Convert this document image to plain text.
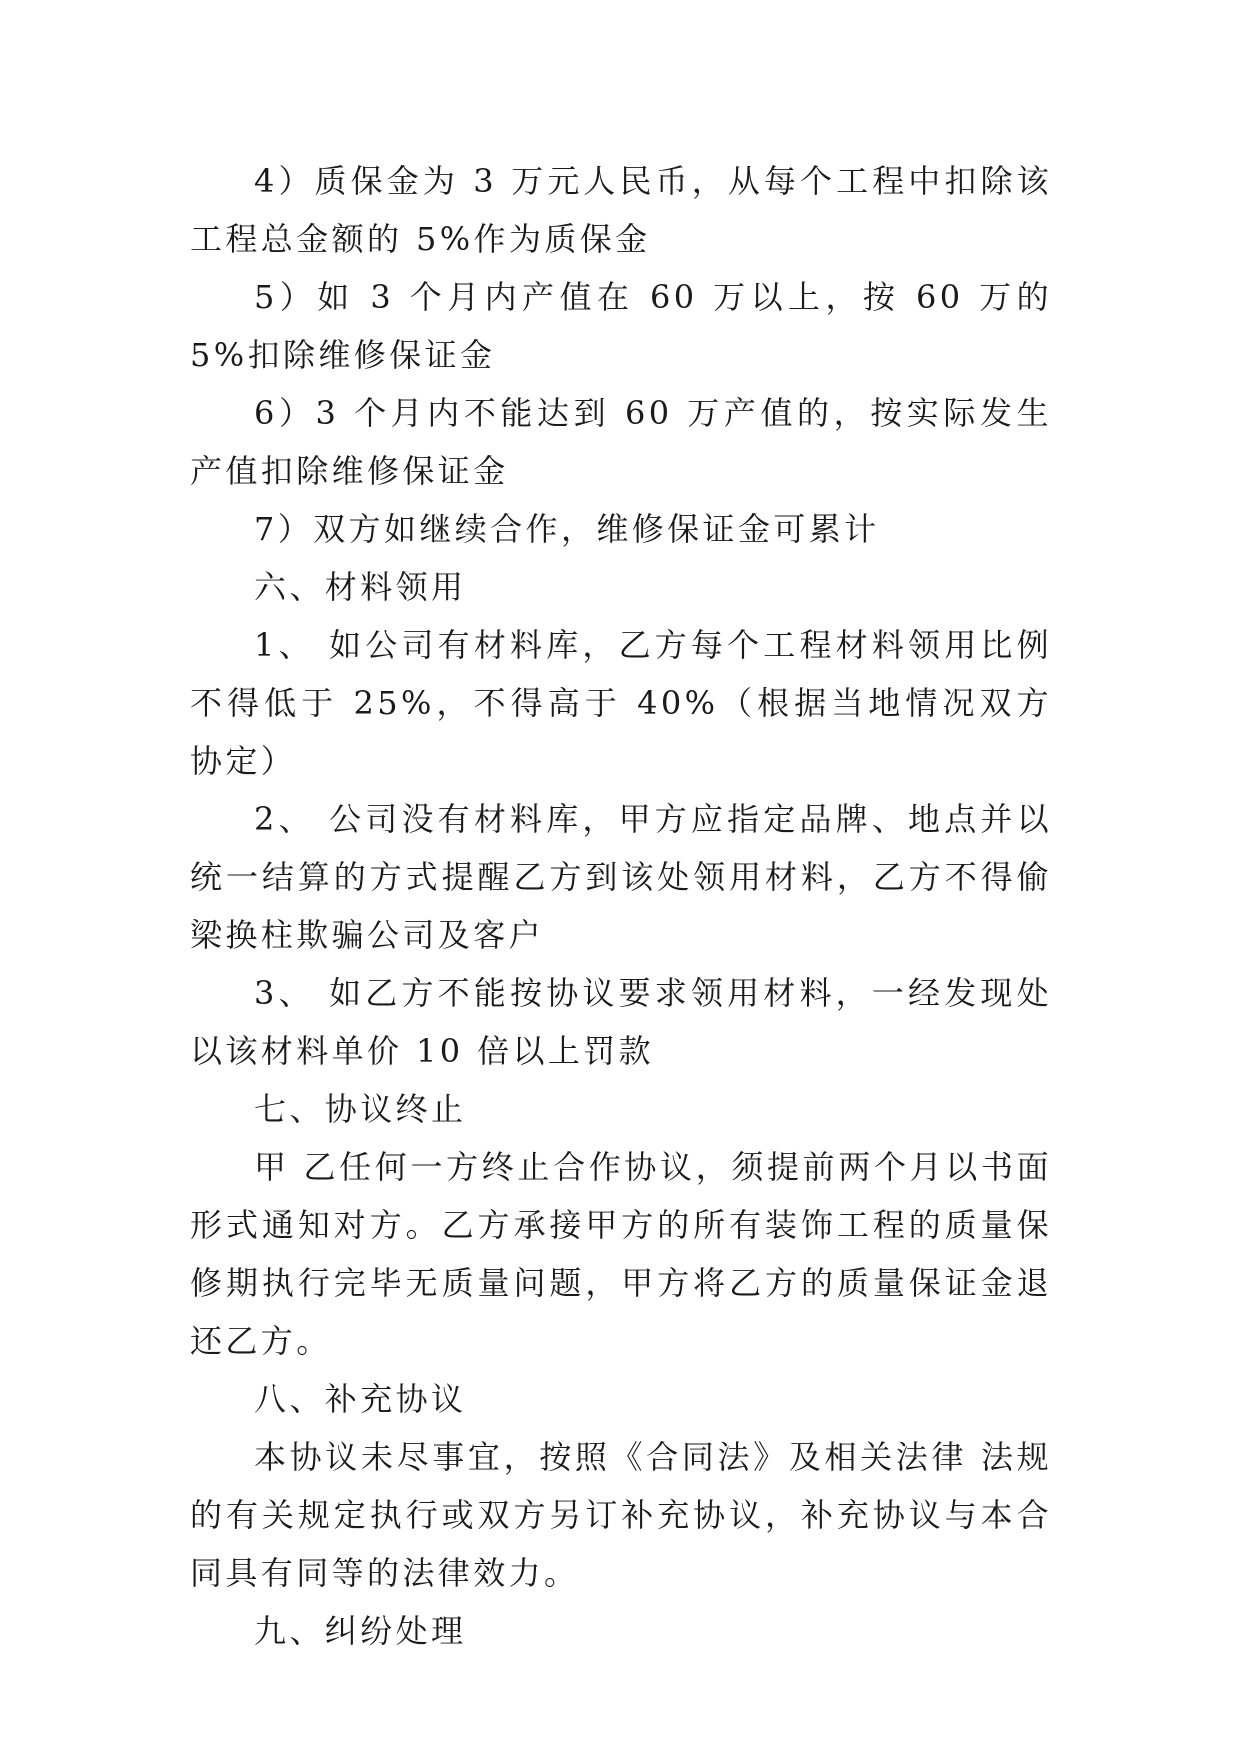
4）质保金为 3 万元人民币，从每个工程中扣除该工程总金额的 5%作为质保金

5）如 3 个月内产值在 60 万以上，按 60 万的 5%扣除维修保证金

6）3 个月内不能达到 60 万产值的，按实际发生产值扣除维修保证金

7）双方如继续合作，维修保证金可累计

六、材料领用

1、 如公司有材料库，乙方每个工程材料领用比例不得低于 25%，不得高于 40%（根据当地情况双方协定）

2、 公司没有材料库，甲方应指定品牌、地点并以统一结算的方式提醒乙方到该处领用材料，乙方不得偷梁换柱欺骗公司及客户

3、 如乙方不能按协议要求领用材料，一经发现处以该材料单价 10 倍以上罚款

七、协议终止

甲 乙任何一方终止合作协议，须提前两个月以书面形式通知对方。乙方承接甲方的所有装饰工程的质量保修期执行完毕无质量问题，甲方将乙方的质量保证金退还乙方。

八、补充协议

本协议未尽事宜，按照《合同法》及相关法律 法规的有关规定执行或双方另订补充协议，补充协议与本合同具有同等的法律效力。

九、纠纷处理
